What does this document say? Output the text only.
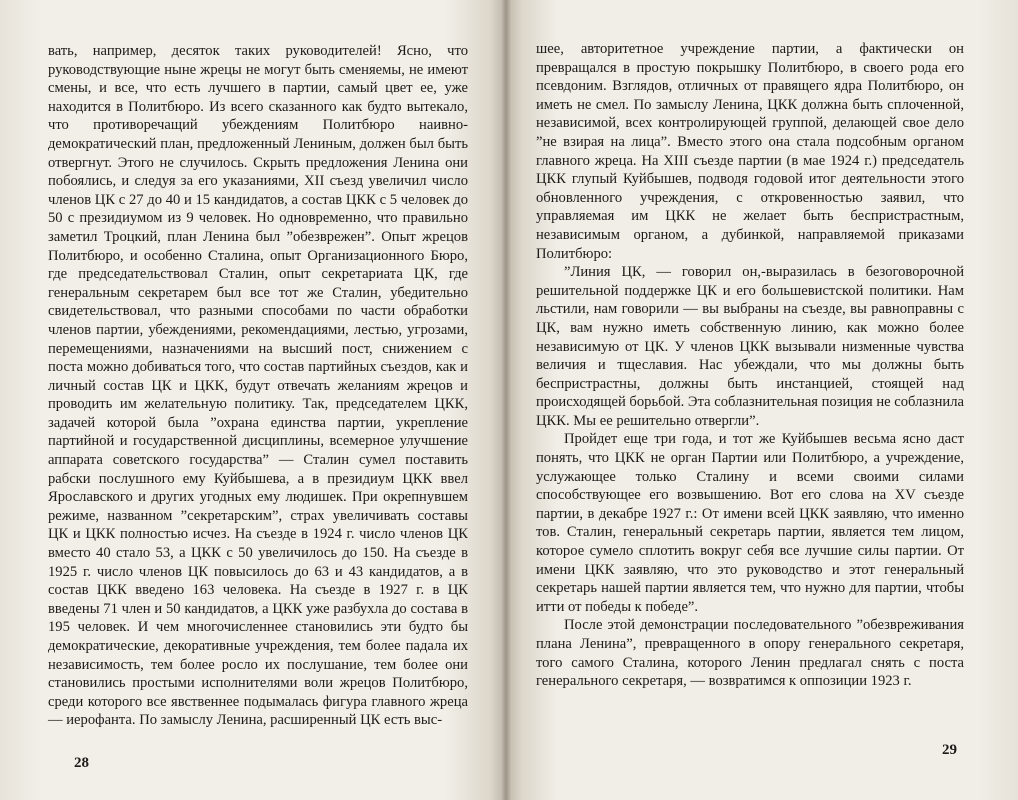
вать, например, десяток таких руководителей! Ясно, что руководствующие ныне жрецы не могут быть сменяемы, не имеют смены, и все, что есть лучшего в партии, самый цвет ее, уже находится в Политбюро. Из всего сказанного как будто вытекало, что противоречащий убеждениям Политбюро наивно-демократический план, предложенный Лениным, должен был быть отвергнут. Этого не случилось. Скрыть предложения Ленина они побоялись, и следуя за его указаниями, XII съезд увеличил число членов ЦК с 27 до 40 и 15 кандидатов, а состав ЦКК с 5 человек до 50 с президиумом из 9 человек. Но одновременно, что правильно заметил Троцкий, план Ленина был ”обезврежен”. Опыт жрецов Политбюро, и особенно Сталина, опыт Организационного Бюро, где председательствовал Сталин, опыт секретариата ЦК, где генеральным секретарем был все тот же Сталин, убедительно свидетельствовал, что разными способами по части обработки членов партии, убеждениями, рекомендациями, лестью, угрозами, перемещениями, назначениями на высший пост, снижением с поста можно добиваться того, что состав партийных съездов, как и личный состав ЦК и ЦКК, будут отвечать желаниям жрецов и проводить им желательную политику. Так, председателем ЦКК, задачей которой была ”охрана единства партии, укрепление партийной и государственной дисциплины, всемерное улучшение аппарата советского государства” — Сталин сумел поставить рабски послушного ему Куйбышева, а в президиум ЦКК ввел Ярославского и других угодных ему людишек. При окрепнувшем режиме, названном ”секретарским”, страх увеличивать составы ЦК и ЦКК полностью исчез. На съезде в 1924 г. число членов ЦК вместо 40 стало 53, а ЦКК с 50 увеличилось до 150. На съезде в 1925 г. число членов ЦК повысилось до 63 и 43 кандидатов, а в состав ЦКК введено 163 человека. На съезде в 1927 г. в ЦК введены 71 член и 50 кандидатов, а ЦКК уже разбухла до состава в 195 человек. И чем многочисленнее становились эти будто бы демократические, декоративные учреждения, тем более падала их независимость, тем более росло их послушание, тем более они становились простыми исполнителями воли жрецов Политбюро, среди которого все явственнее подымалась фигура главного жреца — иерофанта. По замыслу Ленина, расширенный ЦК есть выс-

28

шее, авторитетное учреждение партии, а фактически он превращался в простую покрышку Политбюро, в своего рода его псевдоним. Взглядов, отличных от правящего ядра Политбюро, он иметь не смел. По замыслу Ленина, ЦКК должна быть сплоченной, независимой, всех контролирующей группой, делающей свое дело ”не взирая на лица”. Вместо этого она стала подсобным органом главного жреца. На XIII съезде партии (в мае 1924 г.) председатель ЦКК глупый Куйбышев, подводя годовой итог деятельности этого обновленного учреждения, с откровенностью заявил, что управляемая им ЦКК не желает быть беспристрастным, независимым органом, а дубинкой, направляемой приказами Политбюро:

”Линия ЦК, — говорил он,-выразилась в безоговорочной решительной поддержке ЦК и его большевистской политики. Нам льстили, нам говорили — вы выбраны на съезде, вы равноправны с ЦК, вам нужно иметь собственную линию, как можно более независимую от ЦК. У членов ЦКК вызывали низменные чувства величия и тщеславия. Нас убеждали, что мы должны быть беспристрастны, должны быть инстанцией, стоящей над происходящей борьбой. Эта соблазнительная позиция не соблазнила ЦКК. Мы ее решительно отвергли”.

Пройдет еще три года, и тот же Куйбышев весьма ясно даст понять, что ЦКК не орган Партии или Политбюро, а учреждение, услужающее только Сталину и всеми своими силами способствующее его возвышению. Вот его слова на XV съезде партии, в декабре 1927 г.: От имени всей ЦКК заявляю, что именно тов. Сталин, генеральный секретарь партии, является тем лицом, которое сумело сплотить вокруг себя все лучшие силы партии. От имени ЦКК заявляю, что это руководство и этот генеральный секретарь нашей партии является тем, что нужно для партии, чтобы итти от победы к победе”.

После этой демонстрации последовательного ”обезвреживания плана Ленина”, превращенного в опору генерального секретаря, того самого Сталина, которого Ленин предлагал снять с поста генерального секретаря, — возвратимся к оппозиции 1923 г.

29
